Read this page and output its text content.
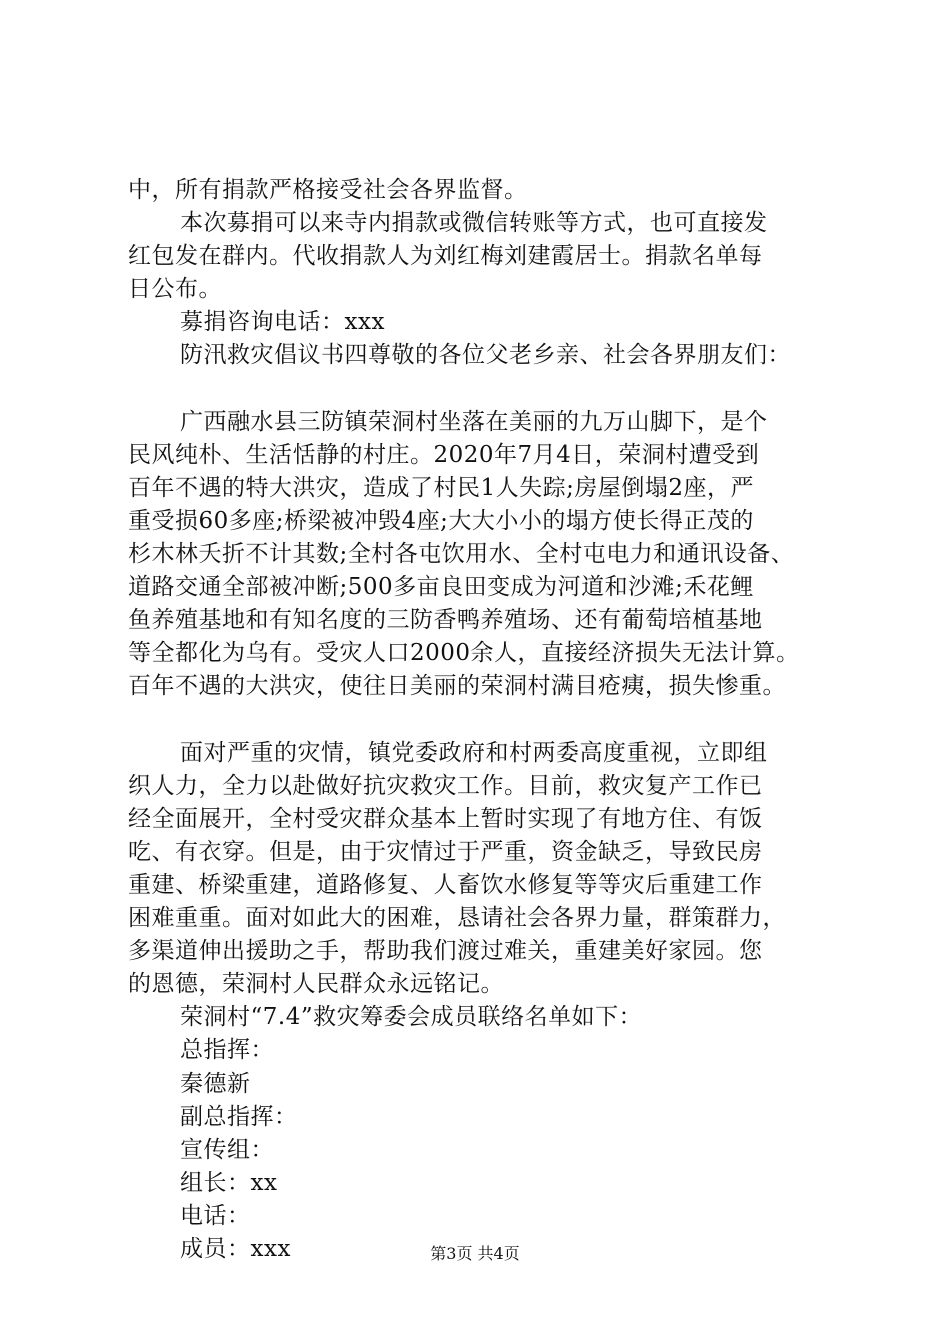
中，所有捐款严格接受社会各界监督。
本次募捐可以来寺内捐款或微信转账等方式，也可直接发
红包发在群内。代收捐款人为刘红梅刘建霞居士。捐款名单每
日公布。
募捐咨询电话：xxx
防汛救灾倡议书四尊敬的各位父老乡亲、社会各界朋友们：
广西融水县三防镇荣洞村坐落在美丽的九万山脚下，是个
民风纯朴、生活恬静的村庄。2020年7月4日，荣洞村遭受到
百年不遇的特大洪灾，造成了村民1人失踪;房屋倒塌2座，严
重受损60多座;桥梁被冲毁4座;大大小小的塌方使长得正茂的
杉木林夭折不计其数;全村各屯饮用水、全村屯电力和通讯设备、
道路交通全部被冲断;500多亩良田变成为河道和沙滩;禾花鲤
鱼养殖基地和有知名度的三防香鸭养殖场、还有葡萄培植基地
等全都化为乌有。受灾人口2000余人，直接经济损失无法计算。
百年不遇的大洪灾，使往日美丽的荣洞村满目疮痍，损失惨重。
面对严重的灾情，镇党委政府和村两委高度重视，立即组
织人力，全力以赴做好抗灾救灾工作。目前，救灾复产工作已
经全面展开，全村受灾群众基本上暂时实现了有地方住、有饭
吃、有衣穿。但是，由于灾情过于严重，资金缺乏，导致民房
重建、桥梁重建，道路修复、人畜饮水修复等等灾后重建工作
困难重重。面对如此大的困难，恳请社会各界力量，群策群力，
多渠道伸出援助之手，帮助我们渡过难关，重建美好家园。您
的恩德，荣洞村人民群众永远铭记。
荣洞村“7.4”救灾筹委会成员联络名单如下：
总指挥：
秦德新
副总指挥：
宣传组：
组长：xx
电话：
成员：xxx	第3页 共4页
